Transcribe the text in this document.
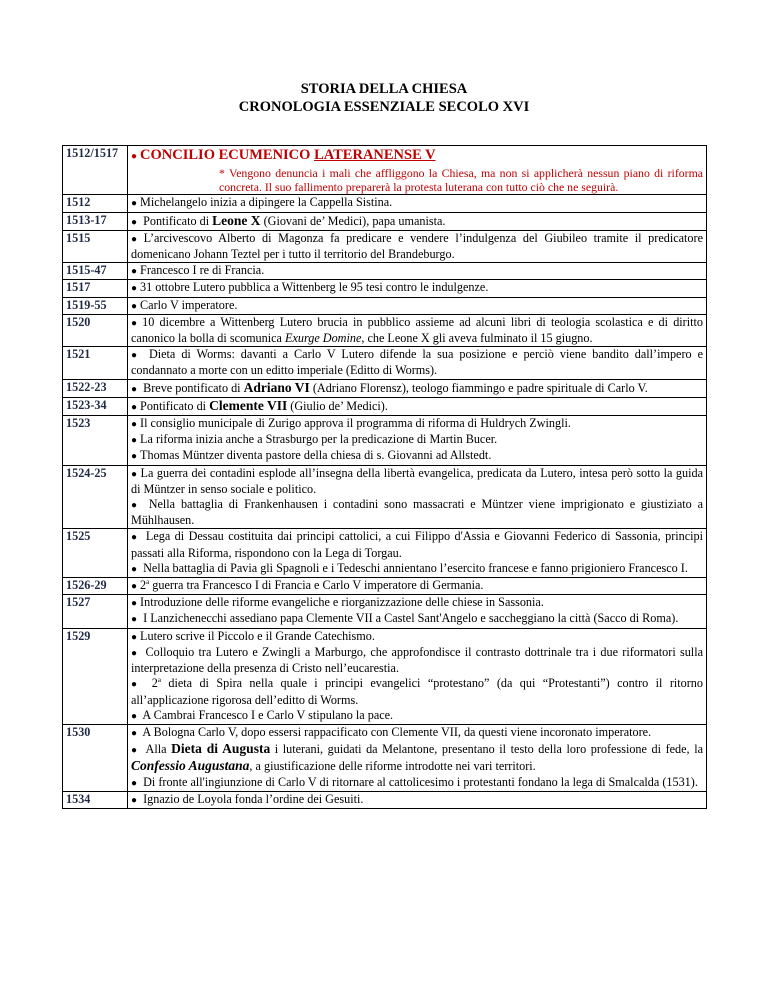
STORIA DELLA CHIESA
CRONOLOGIA ESSENZIALE SECOLO XVI
1512/1517	● CONCILIO ECUMENICO LATERANENSE V
* Vengono denuncia i mali che affliggono la Chiesa, ma non si applicherà nessun piano di riforma concreta. Il suo fallimento preparerà la protesta luterana con tutto ciò che ne seguirà.

1512	● Michelangelo inizia a dipingere la Cappella Sistina.
1513-17	● Pontificato di Leone X (Giovani de’ Medici), papa umanista.
1515	● L’arcivescovo Alberto di Magonza fa predicare e vendere l’indulgenza del Giubileo tramite il predicatore domenicano Johann Teztel per i tutto il territorio del Brandeburgo.
1515-47	● Francesco I re di Francia.
1517	● 31 ottobre Lutero pubblica a Wittenberg le 95 tesi contro le indulgenze.
1519-55	● Carlo V imperatore.
1520	● 10 dicembre a Wittenberg Lutero brucia in pubblico assieme ad alcuni libri di teologia scolastica e di diritto canonico la bolla di scomunica Exurge Domine, che Leone X gli aveva fulminato il 15 giugno.
1521	● Dieta di Worms: davanti a Carlo V Lutero difende la sua posizione e perciò viene bandito dall’impero e condannato a morte con un editto imperiale (Editto di Worms).
1522-23	● Breve pontificato di Adriano VI (Adriano Florensz), teologo fiammingo e padre spirituale di Carlo V.
1523-34	● Pontificato di Clemente VII (Giulio de’ Medici).
1523	● Il consiglio municipale di Zurigo approva il programma di riforma di Huldrych Zwingli.
● La riforma inizia anche a Strasburgo per la predicazione di Martin Bucer.
● Thomas Müntzer diventa pastore della chiesa di s. Giovanni ad Allstedt.

1524-25	● La guerra dei contadini esplode all’insegna della libertà evangelica, predicata da Lutero, intesa però sotto la guida di Müntzer in senso sociale e politico.
● Nella battaglia di Frankenhausen i contadini sono massacrati e Müntzer viene imprigionato e giustiziato a Mühlhausen.

1525	● Lega di Dessau costituita dai principi cattolici, a cui Filippo d'Assia e Giovanni Federico di Sassonia, principi passati alla Riforma, rispondono con la Lega di Torgau.
● Nella battaglia di Pavia gli Spagnoli e i Tedeschi annientano l’esercito francese e fanno prigioniero Francesco I.

1526-29	● 2$^a$ guerra tra Francesco I di Francia e Carlo V imperatore di Germania.
1527	● Introduzione delle riforme evangeliche e riorganizzazione delle chiese in Sassonia.
● I Lanzichenecchi assediano papa Clemente VII a Castel Sant'Angelo e saccheggiano la città (Sacco di Roma).

1529	● Lutero scrive il Piccolo e il Grande Catechismo.
● Colloquio tra Lutero e Zwingli a Marburgo, che approfondisce il contrasto dottrinale tra i due riformatori sulla interpretazione della presenza di Cristo nell’eucarestia.
● 2$^a$ dieta di Spira nella quale i principi evangelici “protestano” (da qui “Protestanti”) contro il ritorno all’applicazione rigorosa dell’editto di Worms.
● A Cambrai Francesco I e Carlo V stipulano la pace.

1530	● A Bologna Carlo V, dopo essersi rappacificato con Clemente VII, da questi viene incoronato imperatore.
● Alla Dieta di Augusta i luterani, guidati da Melantone, presentano il testo della loro professione di fede, la Confessio Augustana, a giustificazione delle riforme introdotte nei vari territori.
● Di fronte all'ingiunzione di Carlo V di ritornare al cattolicesimo i protestanti fondano la lega di Smalcalda (1531).

1534	● Ignazio de Loyola fonda l’ordine dei Gesuiti.
